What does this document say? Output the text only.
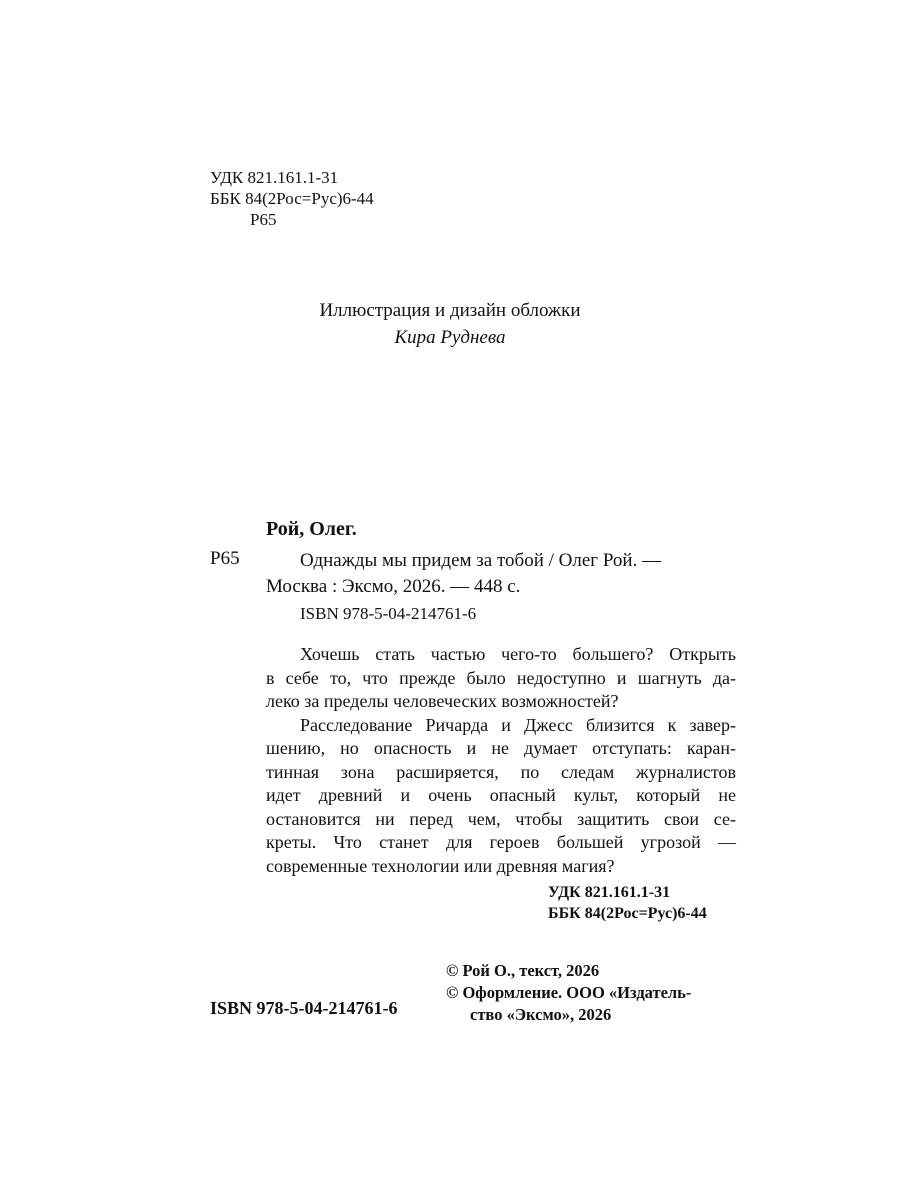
УДК 821.161.1-31
ББК 84(2Рос=Рус)6-44
Р65
Иллюстрация и дизайн обложки
Кира Руднева
Рой, Олег.
Р65	Однажды мы придем за тобой / Олег Рой. —
Москва : Эксмо, 2026. — 448 с.
ISBN 978-5-04-214761-6
Хочешь стать частью чего-то большего? Открыть
в себе то, что прежде было недоступно и шагнуть да-
леко за пределы человеческих возможностей?
Расследование Ричарда и Джесс близится к завер-
шению, но опасность и не думает отступать: каран-
тинная зона расширяется, по следам журналистов
идет древний и очень опасный культ, который не
остановится ни перед чем, чтобы защитить свои се-
креты. Что станет для героев большей угрозой —
современные технологии или древняя магия?
УДК 821.161.1-31
ББК 84(2Рос=Рус)6-44
© Рой О., текст, 2026
© Оформление. ООО «Издатель-
ство «Эксмо», 2026
ISBN 978-5-04-214761-6
